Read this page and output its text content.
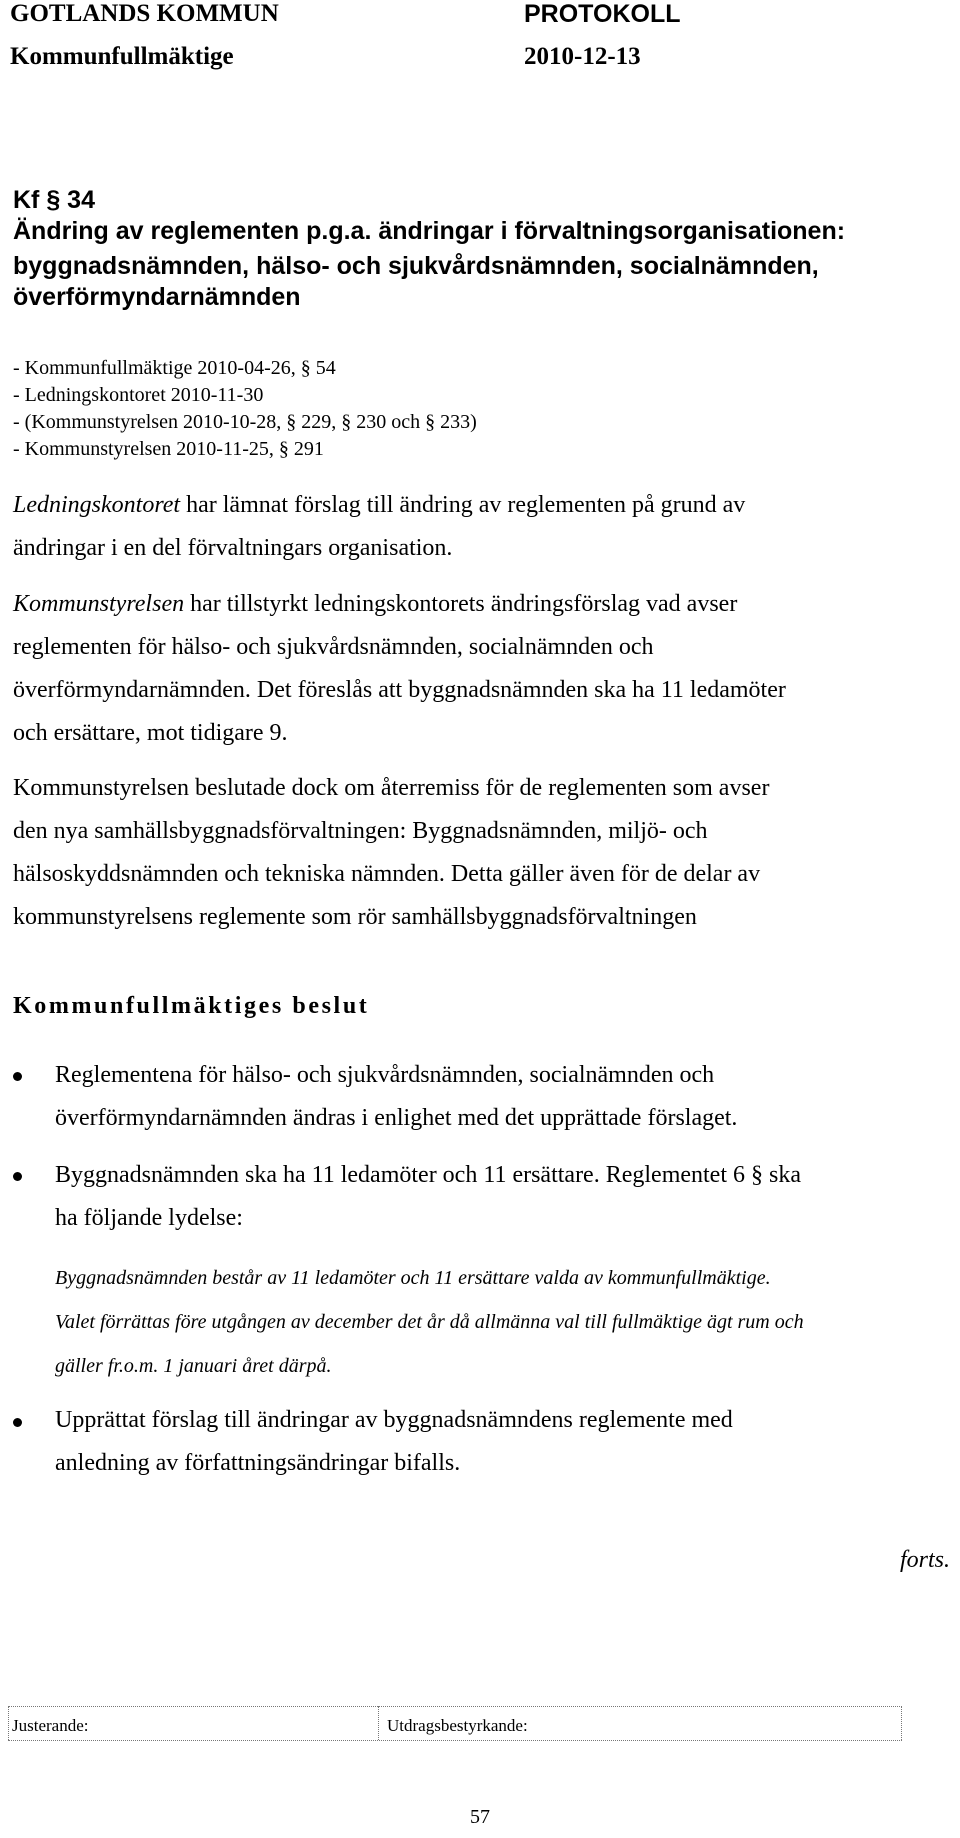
GOTLANDS KOMMUN	PROTOKOLL
Kommunfullmäktige	2010-12-13
Kf § 34
Ändring av reglementen p.g.a. ändringar i förvaltningsorganisationen:
byggnadsnämnden, hälso- och sjukvårdsnämnden, socialnämnden,
överförmyndarnämnden
- Kommunfullmäktige 2010-04-26, § 54
- Ledningskontoret 2010-11-30
- (Kommunstyrelsen 2010-10-28, § 229, § 230 och § 233)
- Kommunstyrelsen 2010-11-25, § 291
Ledningskontoret har lämnat förslag till ändring av reglementen på grund av
ändringar i en del förvaltningars organisation.
Kommunstyrelsen har tillstyrkt ledningskontorets ändringsförslag vad avser
reglementen för hälso- och sjukvårdsnämnden, socialnämnden och
överförmyndarnämnden. Det föreslås att byggnadsnämnden ska ha 11 ledamöter
och ersättare, mot tidigare 9.
Kommunstyrelsen beslutade dock om återremiss för de reglementen som avser
den nya samhällsbyggnadsförvaltningen: Byggnadsnämnden, miljö- och
hälsoskyddsnämnden och tekniska nämnden. Detta gäller även för de delar av
kommunstyrelsens reglemente som rör samhällsbyggnadsförvaltningen
Kommunfullmäktiges beslut
Reglementena för hälso- och sjukvårdsnämnden, socialnämnden och
överförmyndarnämnden ändras i enlighet med det upprättade förslaget.
Byggnadsnämnden ska ha 11 ledamöter och 11 ersättare. Reglementet 6 § ska
ha följande lydelse:
Byggnadsnämnden består av 11 ledamöter och 11 ersättare valda av kommunfullmäktige.
Valet förrättas före utgången av december det år då allmänna val till fullmäktige ägt rum och
gäller fr.o.m. 1 januari året därpå.
Upprättat förslag till ändringar av byggnadsnämndens reglemente med
anledning av författningsändringar bifalls.
forts.
Justerande:	Utdragsbestyrkande:
57
